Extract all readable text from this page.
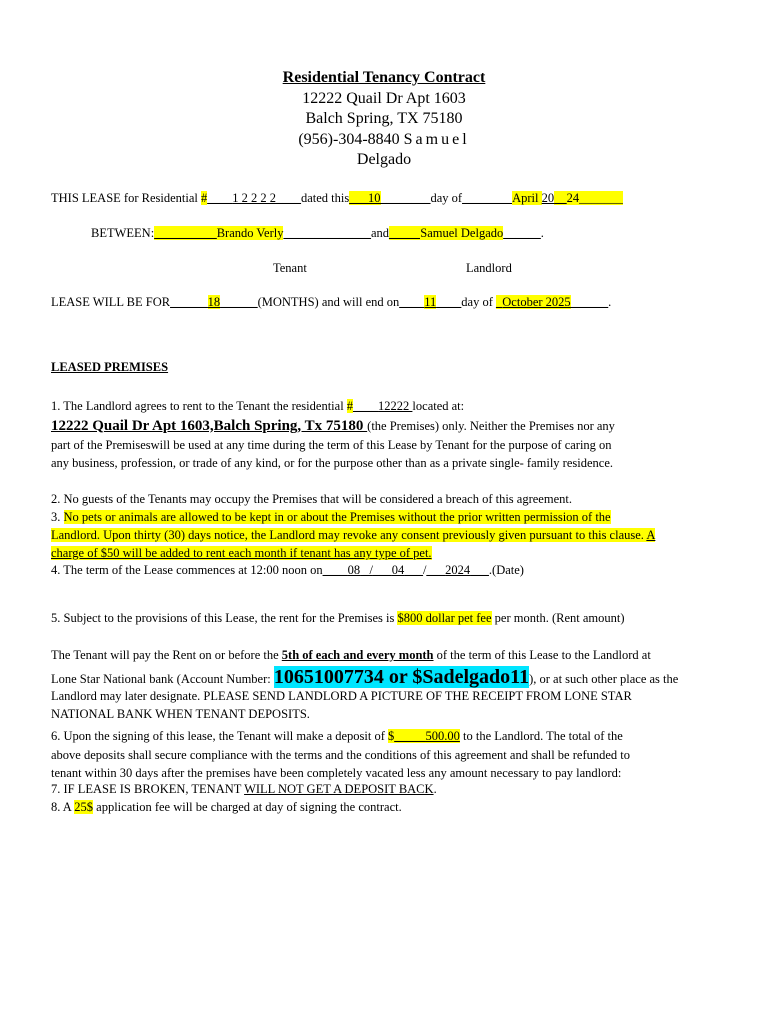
Residential Tenancy Contract
12222 Quail Dr Apt 1603
Balch Spring, TX 75180
(956)-304-8840 Samuel
Delgado
THIS LEASE for Residential #____1 2 2 2 2____dated this___10________day of________April 20__24_______
BETWEEN:__________Brando Verly______________and_____Samuel Delgado______.
Tenant	Landlord
LEASE WILL BE FOR______18______(MONTHS) and will end on____11____day of _October 2025______.
LEASED PREMISES
1. The Landlord agrees to rent to the Tenant the residential #____12222 located at:
12222 Quail Dr Apt 1603,Balch Spring, Tx 75180 (the Premises) only. Neither the Premises nor any
part of the Premiseswill be used at any time during the term of this Lease by Tenant for the purpose of caring on
any business, profession, or trade of any kind, or for the purpose other than as a private single- family residence.
2. No guests of the Tenants may occupy the Premises that will be considered a breach of this agreement.
3. No pets or animals are allowed to be kept in or about the Premises without the prior written permission of the
Landlord. Upon thirty (30) days notice, the Landlord may revoke any consent previously given pursuant to this clause. A
charge of $50 will be added to rent each month if tenant has any type of pet.
4. The term of the Lease commences at 12:00 noon on____08 _/___04___/___2024___.(Date)
5. Subject to the provisions of this Lease, the rent for the Premises is $800 dollar pet fee per month. (Rent amount)
The Tenant will pay the Rent on or before the 5th of each and every month of the term of this Lease to the Landlord at
Lone Star National bank (Account Number: 10651007734 or $Sadelgado11), or at such other place as the
Landlord may later designate. PLEASE SEND LANDLORD A PICTURE OF THE RECEIPT FROM LONE STAR
NATIONAL BANK WHEN TENANT DEPOSITS.
6. Upon the signing of this lease, the Tenant will make a deposit of $_____500.00 to the Landlord. The total of the
above deposits shall secure compliance with the terms and the conditions of this agreement and shall be refunded to
tenant within 30 days after the premises have been completely vacated less any amount necessary to pay landlord:
7. IF LEASE IS BROKEN, TENANT WILL NOT GET A DEPOSIT BACK.
8. A 25$ application fee will be charged at day of signing the contract.
